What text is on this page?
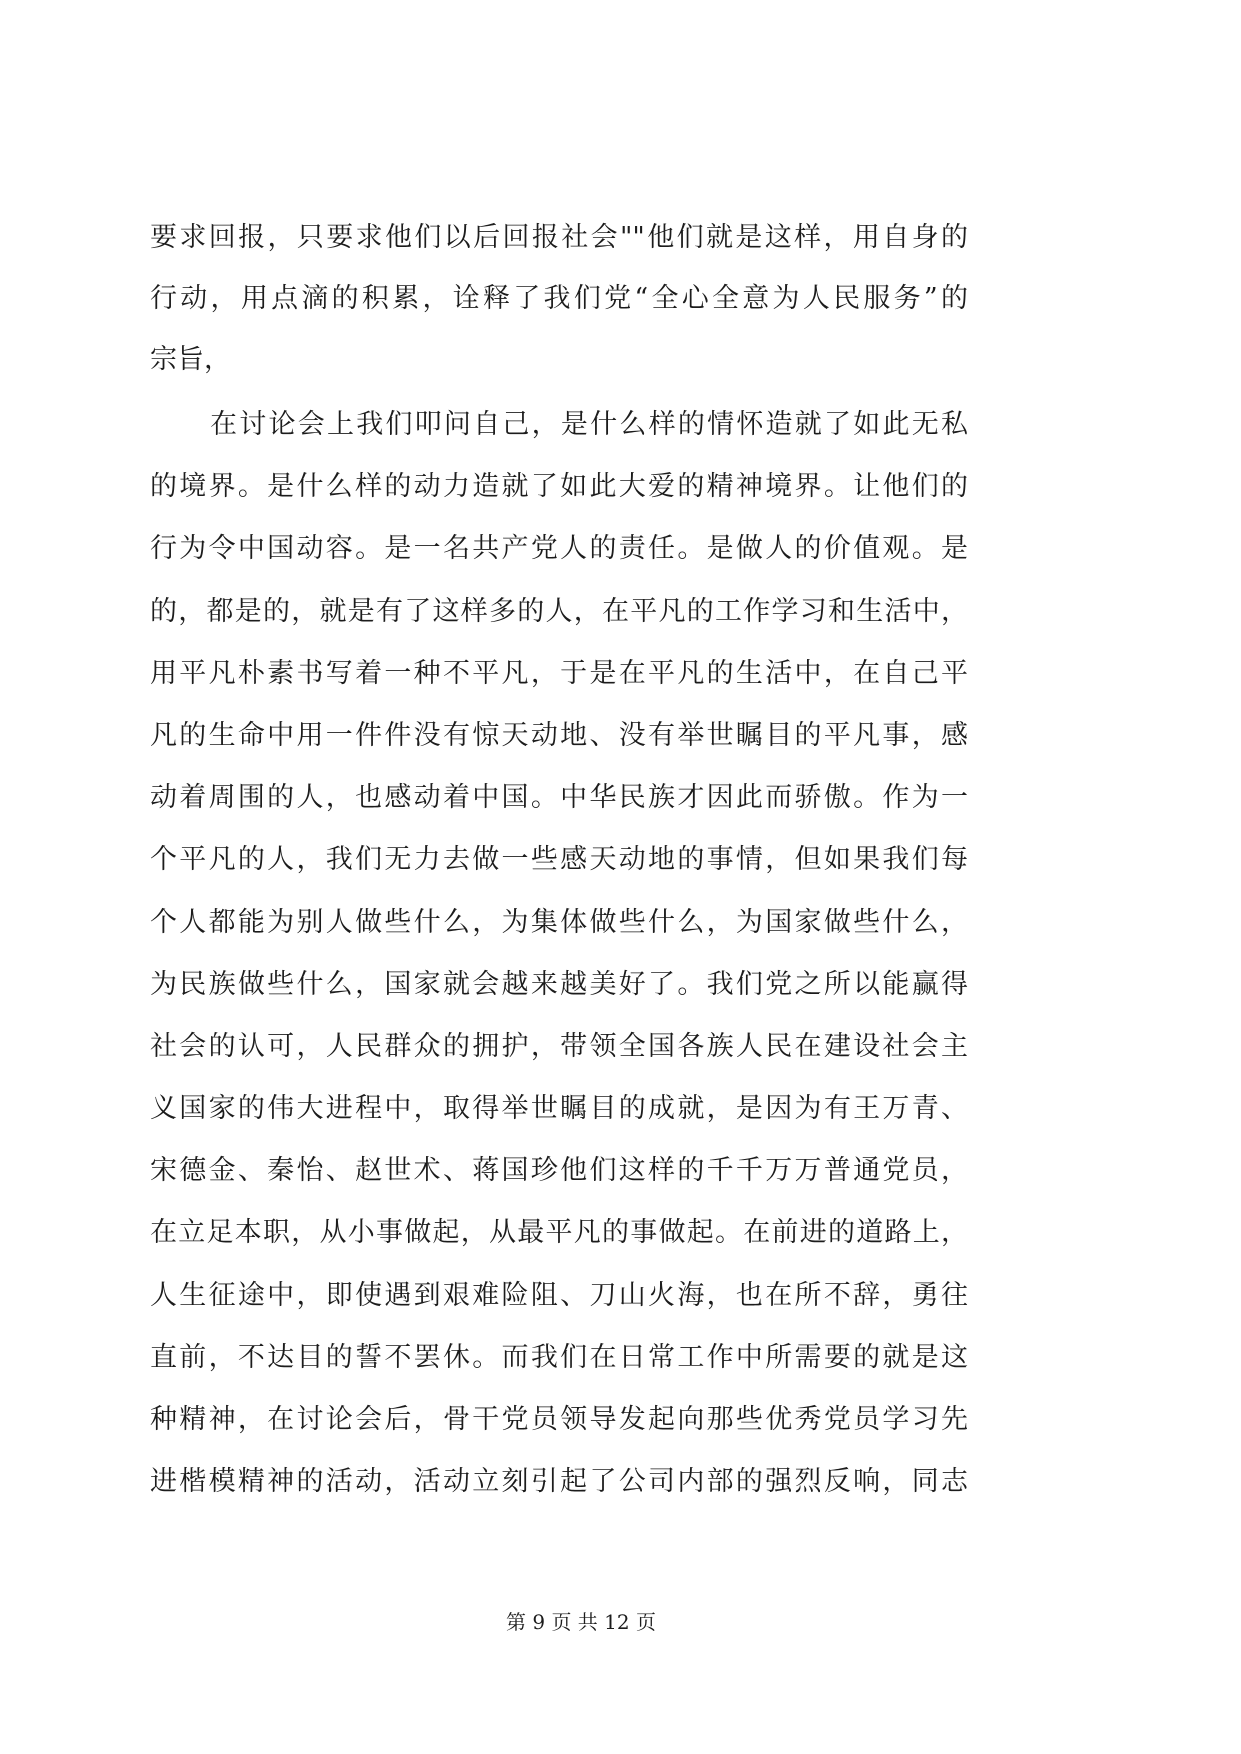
要求回报，只要求他们以后回报社会""他们就是这样，用自身的
行动，用点滴的积累，诠释了我们党“全心全意为人民服务”的
宗旨，
在讨论会上我们叩问自己，是什么样的情怀造就了如此无私
的境界。是什么样的动力造就了如此大爱的精神境界。让他们的
行为令中国动容。是一名共产党人的责任。是做人的价值观。是
的，都是的，就是有了这样多的人，在平凡的工作学习和生活中，
用平凡朴素书写着一种不平凡，于是在平凡的生活中，在自己平
凡的生命中用一件件没有惊天动地、没有举世瞩目的平凡事，感
动着周围的人，也感动着中国。中华民族才因此而骄傲。作为一
个平凡的人，我们无力去做一些感天动地的事情，但如果我们每
个人都能为别人做些什么，为集体做些什么，为国家做些什么，
为民族做些什么，国家就会越来越美好了。我们党之所以能赢得
社会的认可，人民群众的拥护，带领全国各族人民在建设社会主
义国家的伟大进程中，取得举世瞩目的成就，是因为有王万青、
宋德金、秦怡、赵世术、蒋国珍他们这样的千千万万普通党员，
在立足本职，从小事做起，从最平凡的事做起。在前进的道路上，
人生征途中，即使遇到艰难险阻、刀山火海，也在所不辞，勇往
直前，不达目的誓不罢休。而我们在日常工作中所需要的就是这
种精神，在讨论会后，骨干党员领导发起向那些优秀党员学习先
进楷模精神的活动，活动立刻引起了公司内部的强烈反响，同志
第 9 页 共 12 页
